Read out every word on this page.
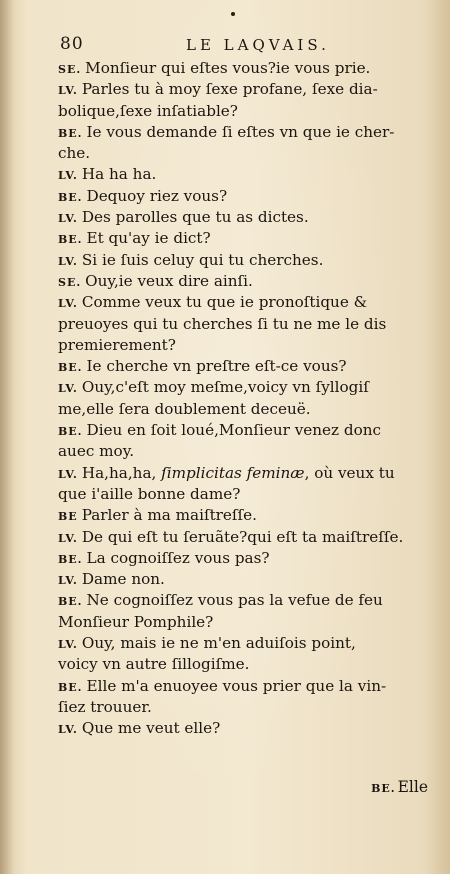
80	LE LAQVAIS.
SE. Monſieur qui eſtes vous?ie vous prie.
LV. Parles tu à moy ſexe profane, ſexe dia-
bolique,ſexe inſatiable?
BE. Ie vous demande ſi eſtes vn que ie cher-
che.
LV. Ha ha ha.
BE. Dequoy riez vous?
LV. Des parolles que tu as dictes.
BE. Et qu'ay ie dict?
LV. Si ie ſuis celuy qui tu cherches.
SE. Ouy,ie veux dire ainſi.
LV. Comme veux tu que ie pronoſtique &
preuoyes qui tu cherches ſi tu ne me le dis
premierement?
BE. Ie cherche vn preſtre eſt-ce vous?
LV. Ouy,c'eſt moy meſme,voicy vn ſyllogiſ
me,elle ſera doublement deceuë.
BE. Dieu en ſoit loué,Monſieur venez donc
auec moy.
LV. Ha,ha,ha, ſimplicitas feminæ, où veux tu
que i'aille bonne dame?
BE Parler à ma maiſtreſſe.
LV. De qui eſt tu ſeruãte?qui eſt ta maiſtreſſe.
BE. La cognoiſſez vous pas?
LV. Dame non.
BE. Ne cognoiſſez vous pas la vefue de feu
Monſieur Pomphile?
LV. Ouy, mais ie ne m'en aduiſois point,
voicy vn autre ſillogiſme.
BE. Elle m'a enuoyee vous prier que la vin-
ſiez trouuer.
LV. Que me veut elle?
BE. Elle
